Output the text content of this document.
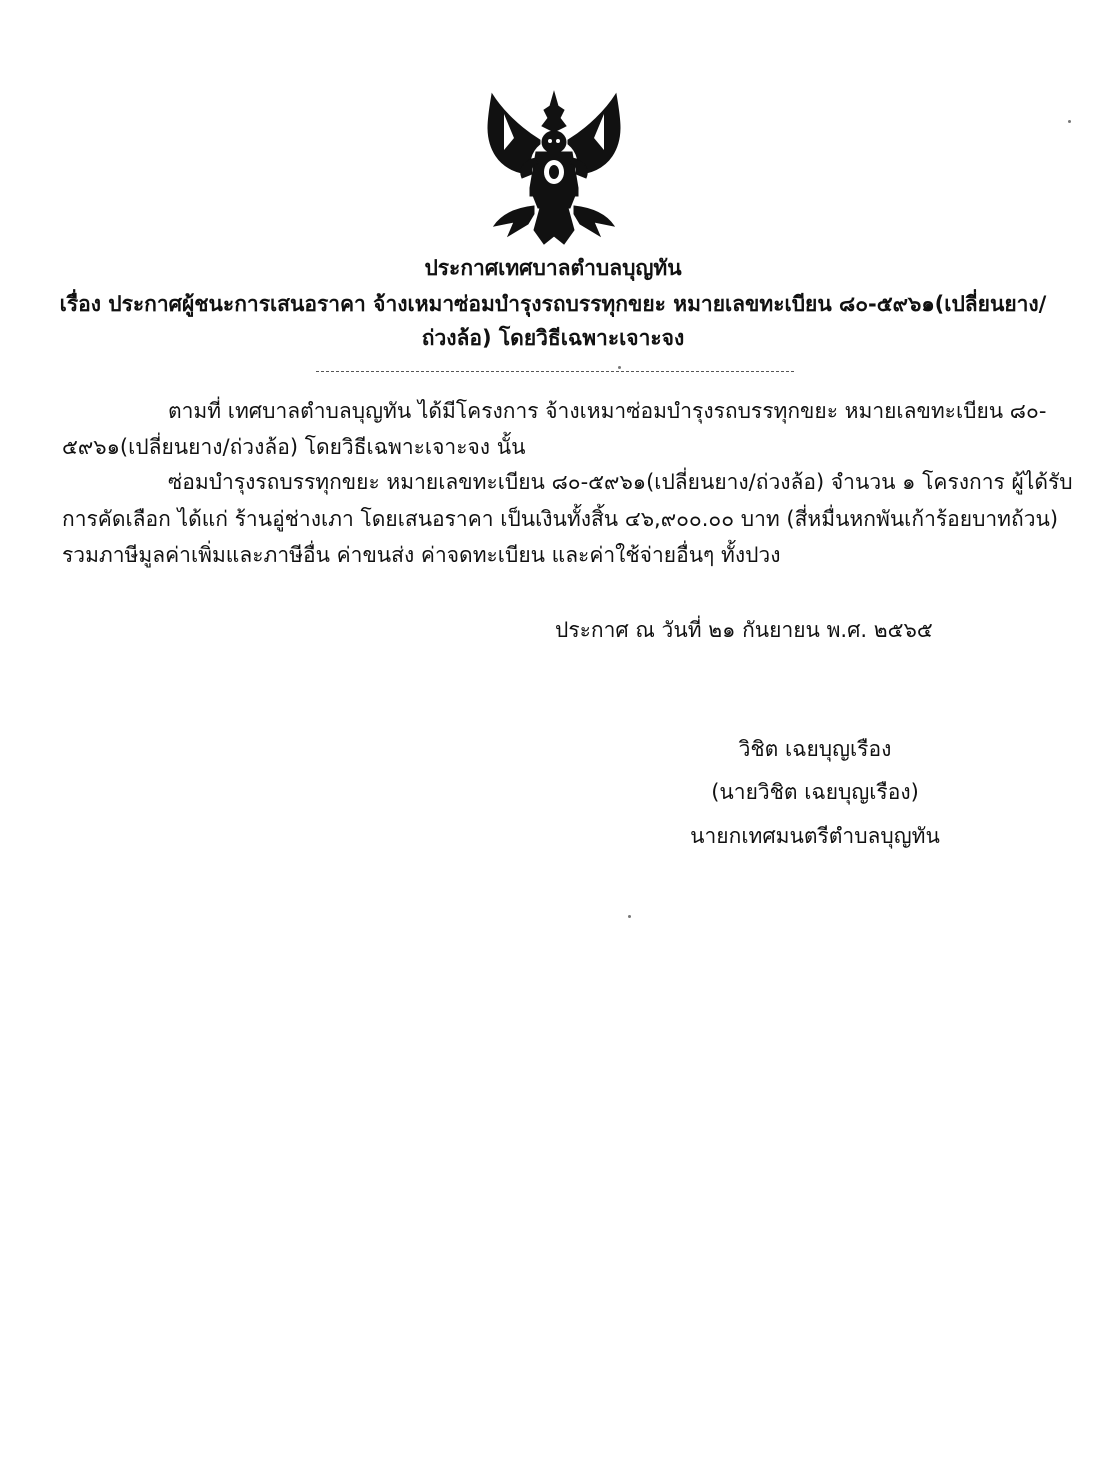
ประกาศเทศบาลตำบลบุญทัน
เรื่อง ประกาศผู้ชนะการเสนอราคา จ้างเหมาซ่อมบำรุงรถบรรทุกขยะ หมายเลขทะเบียน ๘๐-๕๙๖๑(เปลี่ยนยาง/
ถ่วงล้อ) โดยวิธีเฉพาะเจาะจง
ตามที่ เทศบาลตำบลบุญทัน ได้มีโครงการ จ้างเหมาซ่อมบำรุงรถบรรทุกขยะ หมายเลขทะเบียน ๘๐-
๕๙๖๑(เปลี่ยนยาง/ถ่วงล้อ) โดยวิธีเฉพาะเจาะจง นั้น
ซ่อมบำรุงรถบรรทุกขยะ หมายเลขทะเบียน ๘๐-๕๙๖๑(เปลี่ยนยาง/ถ่วงล้อ) จำนวน ๑ โครงการ ผู้ได้รับ
การคัดเลือก ได้แก่ ร้านอู่ช่างเภา โดยเสนอราคา เป็นเงินทั้งสิ้น ๔๖,๙๐๐.๐๐ บาท (สี่หมื่นหกพันเก้าร้อยบาทถ้วน)
รวมภาษีมูลค่าเพิ่มและภาษีอื่น ค่าขนส่ง ค่าจดทะเบียน และค่าใช้จ่ายอื่นๆ ทั้งปวง
ประกาศ ณ วันที่ ๒๑ กันยายน พ.ศ. ๒๕๖๕
วิชิต เฉยบุญเรือง
(นายวิชิต เฉยบุญเรือง)
นายกเทศมนตรีตำบลบุญทัน
